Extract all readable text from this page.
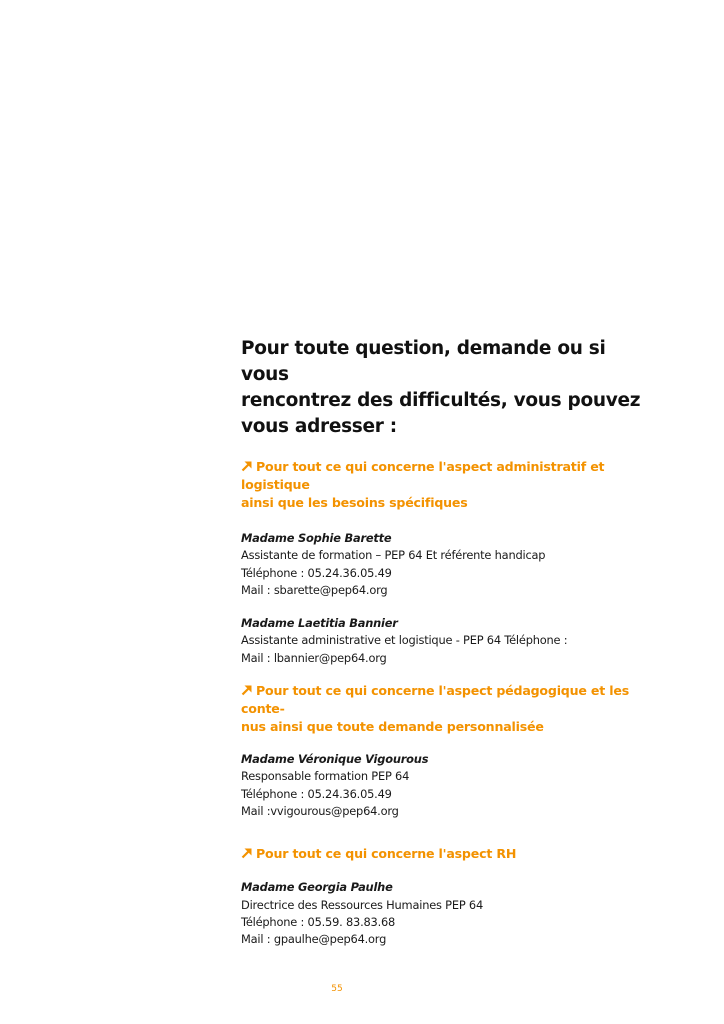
Pour toute question, demande ou si vous
rencontrez des difficultés, vous pouvez
vous adresser :
Pour tout ce qui concerne l'aspect administratif et logistique
ainsi que les besoins spécifiques
Madame Sophie Barette
Assistante de formation – PEP 64 Et référente handicap
Téléphone : 05.24.36.05.49
Mail : sbarette@pep64.org
Madame Laetitia Bannier
Assistante administrative et logistique - PEP 64 Téléphone :
Mail : lbannier@pep64.org
Pour tout ce qui concerne l'aspect pédagogique et les conte-
nus ainsi que toute demande personnalisée
Madame Véronique Vigourous
Responsable formation PEP 64
Téléphone : 05.24.36.05.49
Mail :vvigourous@pep64.org
Pour tout ce qui concerne l'aspect RH
Madame Georgia Paulhe
Directrice des Ressources Humaines PEP 64
Téléphone : 05.59. 83.83.68
Mail : gpaulhe@pep64.org
55
